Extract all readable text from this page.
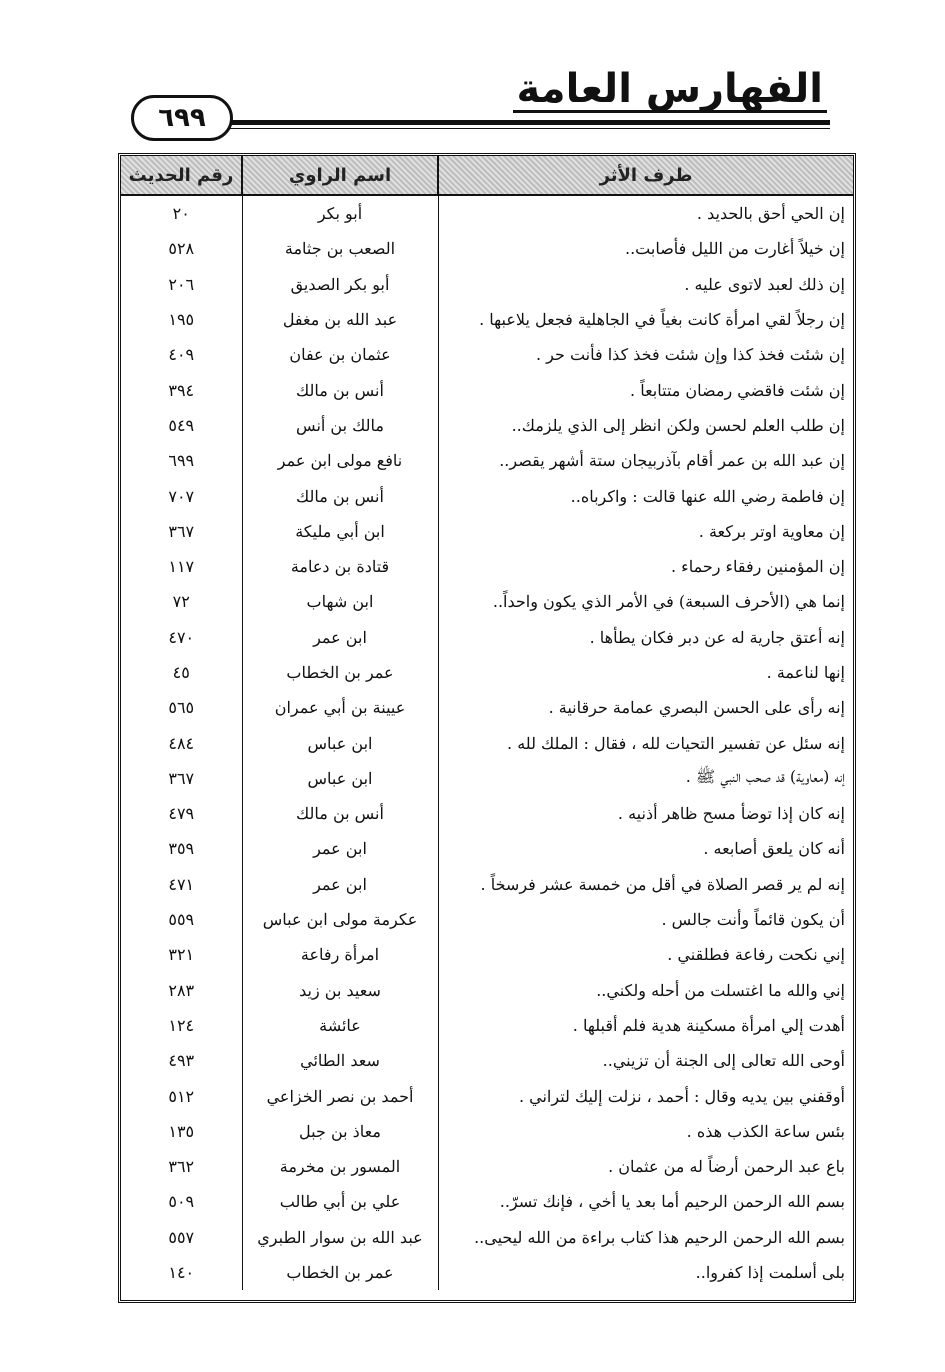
الفهارس العامة
٦٩٩
طرف الأثر	اسم الراوي	رقم الحديث
إن الحي أحق بالحديد .	أبو بكر	٢٠
إن خيلاً أغارت من الليل فأصابت..	الصعب بن جثامة	٥٢٨
إن ذلك لعبد لاتوى عليه .	أبو بكر الصديق	٢٠٦
إن رجلاً لقي امرأة كانت بغياً في الجاهلية فجعل يلاعبها .	عبد الله بن مغفل	١٩٥
إن شئت فخذ كذا وإن شئت فخذ كذا فأنت حر .	عثمان بن عفان	٤٠٩
إن شئت فاقضي رمضان متتابعاً .	أنس بن مالك	٣٩٤
إن طلب العلم لحسن ولكن انظر إلى الذي يلزمك..	مالك بن أنس	٥٤٩
إن عبد الله بن عمر أقام بآذربيجان ستة أشهر يقصر..	نافع مولى ابن عمر	٦٩٩
إن فاطمة رضي الله عنها قالت : واكرباه..	أنس بن مالك	٧٠٧
إن معاوية اوتر بركعة .	ابن أبي مليكة	٣٦٧
إن المؤمنين رفقاء رحماء .	قتادة بن دعامة	١١٧
إنما هي (الأحرف السبعة) في الأمر الذي يكون واحداً..	ابن شهاب	٧٢
إنه أعتق جارية له عن دبر فكان يطأها .	ابن عمر	٤٧٠
إنها لناعمة .	عمر بن الخطاب	٤٥
إنه رأى على الحسن البصري عمامة حرقانية .	عيينة بن أبي عمران	٥٦٥
إنه سئل عن تفسير التحيات لله ، فقال : الملك لله .	ابن عباس	٤٨٤
إنه (معاوية) قد صحب النبي ﷺ .	ابن عباس	٣٦٧
إنه كان إذا توضأ مسح ظاهر أذنيه .	أنس بن مالك	٤٧٩
أنه كان يلعق أصابعه .	ابن عمر	٣٥٩
إنه لم ير قصر الصلاة في أقل من خمسة عشر فرسخاً .	ابن عمر	٤٧١
أن يكون قائماً وأنت جالس .	عكرمة مولى ابن عباس	٥٥٩
إني نكحت رفاعة فطلقني .	امرأة رفاعة	٣٢١
إني والله ما اغتسلت من أحله ولكني..	سعيد بن زيد	٢٨٣
أهدت إلي امرأة مسكينة هدية فلم أقبلها .	عائشة	١٢٤
أوحى الله تعالى إلى الجنة أن تزيني..	سعد الطائي	٤٩٣
أوقفني بين يديه وقال : أحمد ، نزلت إليك لتراني .	أحمد بن نصر الخزاعي	٥١٢
بئس ساعة الكذب هذه .	معاذ بن جبل	١٣٥
باع عبد الرحمن أرضاً له من عثمان .	المسور بن مخرمة	٣٦٢
بسم الله الرحمن الرحيم أما بعد يا أخي ، فإنك تسرّ..	علي بن أبي طالب	٥٠٩
بسم الله الرحمن الرحيم هذا كتاب براءة من الله ليحيى..	عبد الله بن سوار الطبري	٥٥٧
بلى أسلمت إذا كفروا..	عمر بن الخطاب	١٤٠
